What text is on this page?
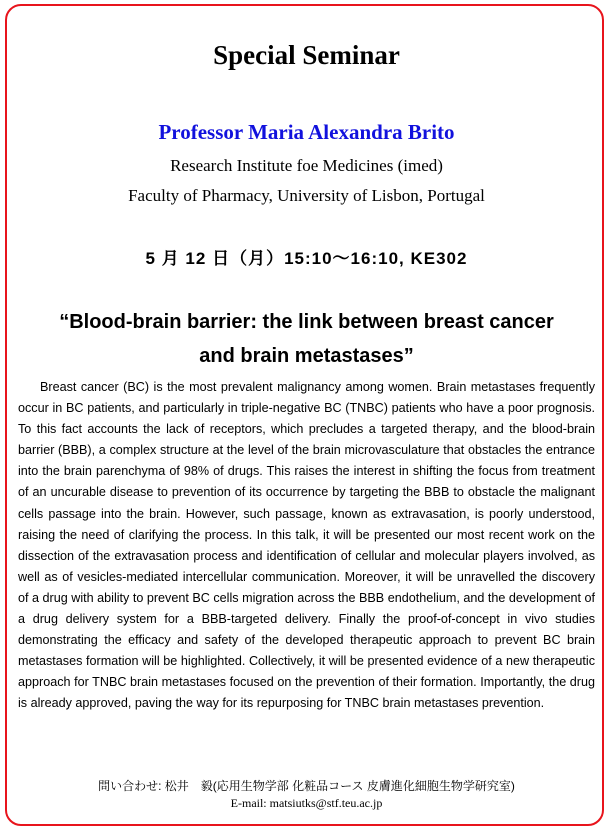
Special Seminar
Professor Maria Alexandra Brito
Research Institute foe Medicines (imed)
Faculty of Pharmacy, University of Lisbon, Portugal
5 月 12 日（月）15:10〜16:10, KE302
“Blood-brain barrier: the link between breast cancer
and brain metastases”

Breast cancer (BC) is the most prevalent malignancy among women. Brain metastases frequently occur in BC patients, and particularly in triple-negative BC (TNBC) patients who have a poor prognosis. To this fact accounts the lack of receptors, which precludes a targeted therapy, and the blood-brain barrier (BBB), a complex structure at the level of the brain microvasculature that obstacles the entrance into the brain parenchyma of 98% of drugs. This raises the interest in shifting the focus from treatment of an uncurable disease to prevention of its occurrence by targeting the BBB to obstacle the malignant cells passage into the brain. However, such passage, known as extravasation, is poorly understood, raising the need of clarifying the process. In this talk, it will be presented our most recent work on the dissection of the extravasation process and identification of cellular and molecular players involved, as well as of vesicles-mediated intercellular communication. Moreover, it will be unravelled the discovery of a drug with ability to prevent BC cells migration across the BBB endothelium, and the development of a drug delivery system for a BBB-targeted delivery. Finally the proof-of-concept in vivo studies demonstrating the efficacy and safety of the developed therapeutic approach to prevent BC brain metastases formation will be highlighted. Collectively, it will be presented evidence of a new therapeutic approach for TNBC brain metastases focused on the prevention of their formation. Importantly, the drug is already approved, paving the way for its repurposing for TNBC brain metastases prevention.

問い合わせ: 松井　毅(応用生物学部 化粧品コース 皮膚進化細胞生物学研究室)
E-mail: matsiutks@stf.teu.ac.jp
